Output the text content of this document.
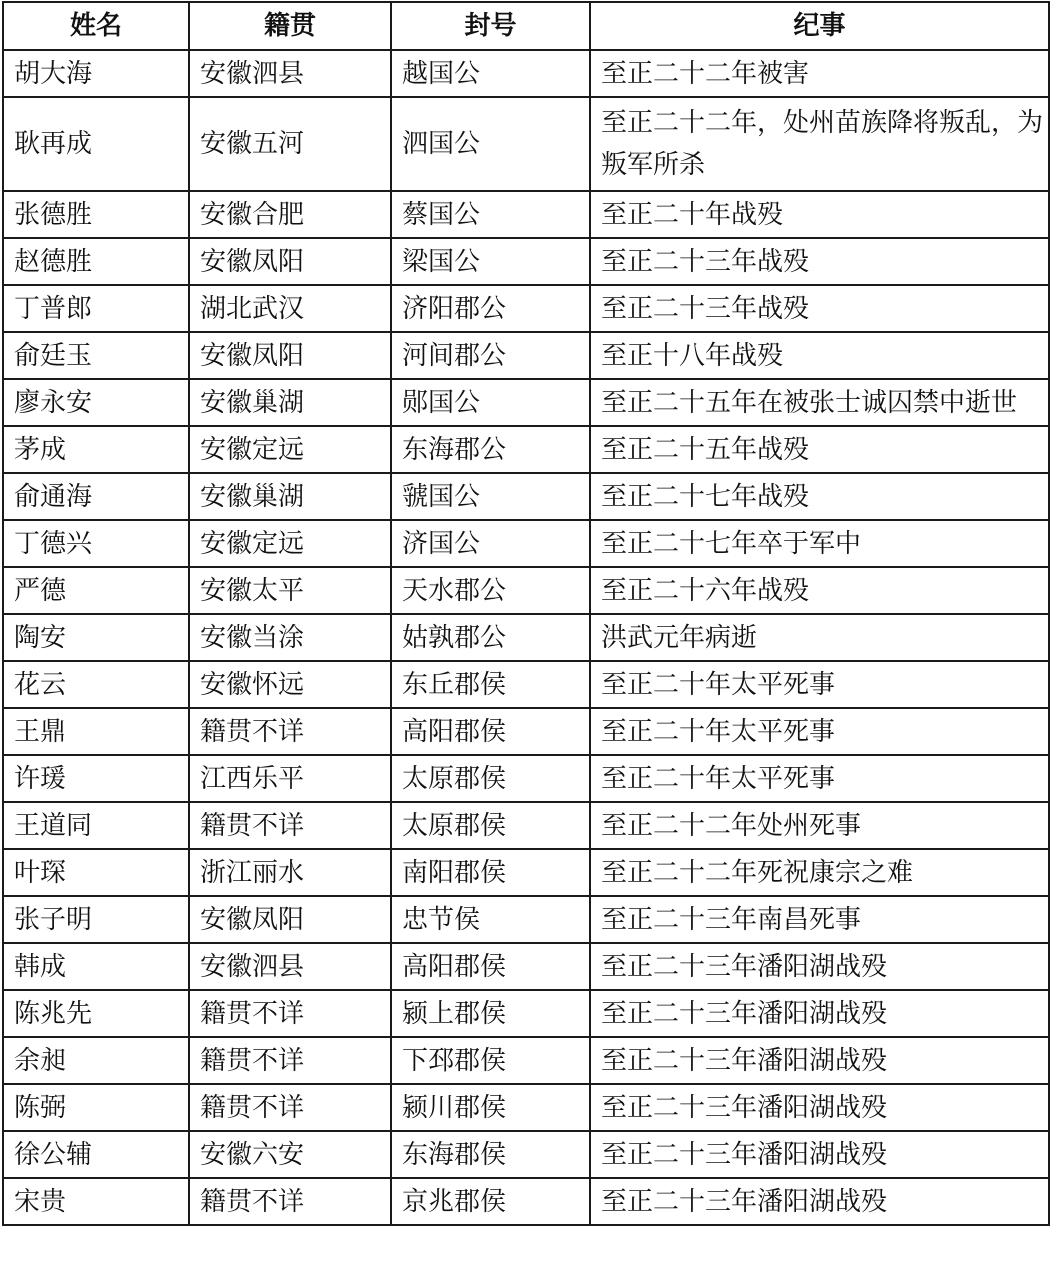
姓名	籍贯	封号	纪事
胡大海	安徽泗县	越国公	至正二十二年被害
耿再成	安徽五河	泗国公	至正二十二年，处州苗族降将叛乱，为叛军所杀
张德胜	安徽合肥	蔡国公	至正二十年战殁
赵德胜	安徽凤阳	梁国公	至正二十三年战殁
丁普郎	湖北武汉	济阳郡公	至正二十三年战殁
俞廷玉	安徽凤阳	河间郡公	至正十八年战殁
廖永安	安徽巢湖	郧国公	至正二十五年在被张士诚囚禁中逝世
茅成	安徽定远	东海郡公	至正二十五年战殁
俞通海	安徽巢湖	虢国公	至正二十七年战殁
丁德兴	安徽定远	济国公	至正二十七年卒于军中
严德	安徽太平	天水郡公	至正二十六年战殁
陶安	安徽当涂	姑孰郡公	洪武元年病逝
花云	安徽怀远	东丘郡侯	至正二十年太平死事
王鼎	籍贯不详	高阳郡侯	至正二十年太平死事
许瑗	江西乐平	太原郡侯	至正二十年太平死事
王道同	籍贯不详	太原郡侯	至正二十二年处州死事
叶琛	浙江丽水	南阳郡侯	至正二十二年死祝康宗之难
张子明	安徽凤阳	忠节侯	至正二十三年南昌死事
韩成	安徽泗县	高阳郡侯	至正二十三年潘阳湖战殁
陈兆先	籍贯不详	颍上郡侯	至正二十三年潘阳湖战殁
余昶	籍贯不详	下邳郡侯	至正二十三年潘阳湖战殁
陈弼	籍贯不详	颍川郡侯	至正二十三年潘阳湖战殁
徐公辅	安徽六安	东海郡侯	至正二十三年潘阳湖战殁
宋贵	籍贯不详	京兆郡侯	至正二十三年潘阳湖战殁
